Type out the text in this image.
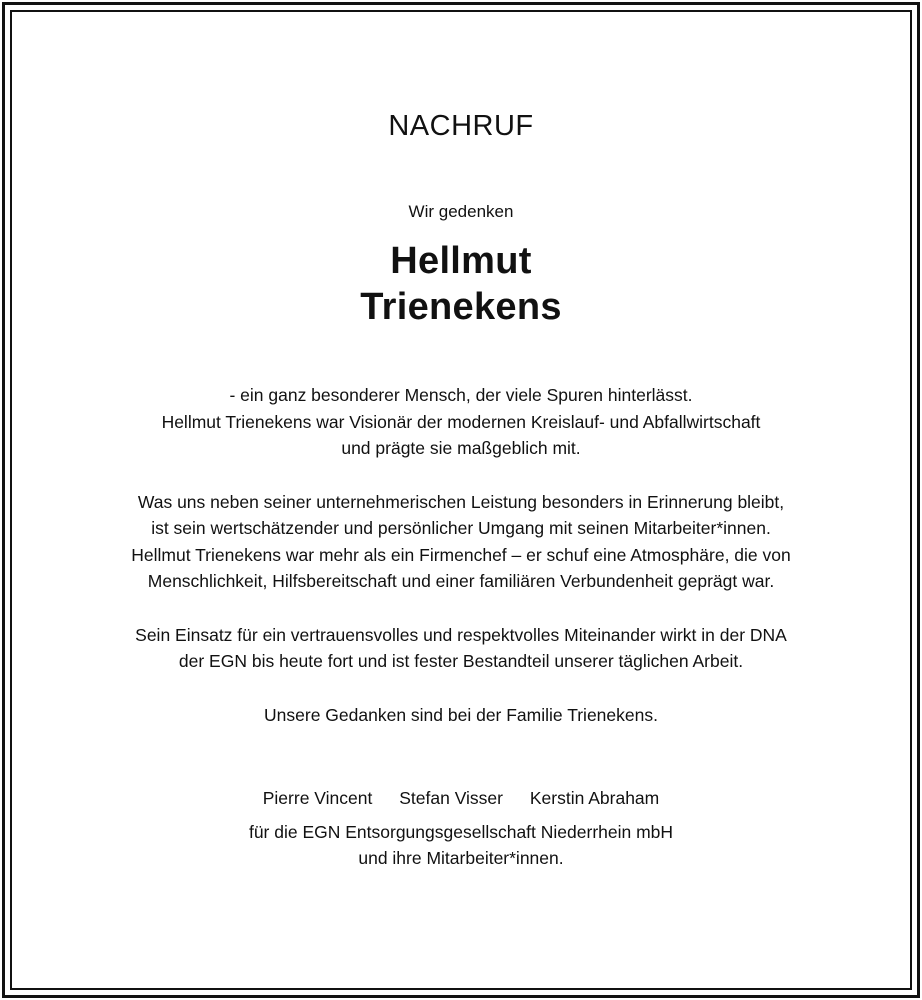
NACHRUF
Wir gedenken
Hellmut
Trienekens

- ein ganz besonderer Mensch, der viele Spuren hinterlässt.
Hellmut Trienekens war Visionär der modernen Kreislauf- und Abfallwirtschaft
und prägte sie maßgeblich mit.

Was uns neben seiner unternehmerischen Leistung besonders in Erinnerung bleibt,
ist sein wertschätzender und persönlicher Umgang mit seinen Mitarbeiter*innen.
Hellmut Trienekens war mehr als ein Firmenchef – er schuf eine Atmosphäre, die von
Menschlichkeit, Hilfsbereitschaft und einer familiären Verbundenheit geprägt war.

Sein Einsatz für ein vertrauensvolles und respektvolles Miteinander wirkt in der DNA
der EGN bis heute fort und ist fester Bestandteil unserer täglichen Arbeit.

Unsere Gedanken sind bei der Familie Trienekens.

Pierre Vincent Stefan Visser Kerstin Abraham
für die EGN Entsorgungsgesellschaft Niederrhein mbH
und ihre Mitarbeiter*innen.
